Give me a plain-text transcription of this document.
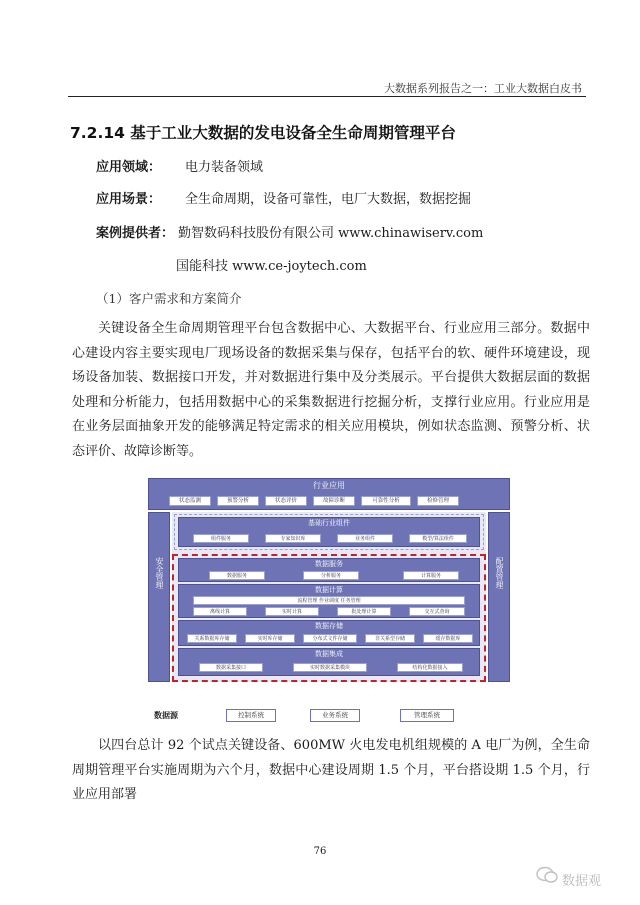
大数据系列报告之一：工业大数据白皮书
7.2.14 基于工业大数据的发电设备全生命周期管理平台
应用领域： 电力装备领域
应用场景： 全生命周期，设备可靠性，电厂大数据，数据挖掘
案例提供者： 勤智数码科技股份有限公司 www.chinawiserv.com
国能科技 www.ce-joytech.com
（1）客户需求和方案简介
关键设备全生命周期管理平台包含数据中心、大数据平台、行业应用三部分。数据中心建设内容主要实现电厂现场设备的数据采集与保存，包括平台的软、硬件环境建设，现场设备加装、数据接口开发，并对数据进行集中及分类展示。平台提供大数据层面的数据处理和分析能力，包括用数据中心的采集数据进行挖掘分析，支撑行业应用。行业应用是在业务层面抽象开发的能够满足特定需求的相关应用模块，例如状态监测、预警分析、状态评价、故障诊断等。
行业应用
状态监测	预警分析	状态评价	故障诊断	可靠性分析	检修管理
安全管理	配置管理
基础行业组件
组件服务	专家知识库	业务组件	模型/算法组件
数据服务
数据服务	分析服务	计算服务
数据计算
流程管理 作业调度 任务管理
离线计算	实时计算	批处理计算	交互式查询
数据存储
关系数据库存储	实时库存储	分布式文件存储	非关系型存储	缓存数据库
数据集成
数据采集接口	实时数据采集模块	结构化数据接入
数据源	控制系统	业务系统	管理系统
以四台总计 92 个试点关键设备、600MW 火电发电机组规模的 A 电厂为例，全生命周期管理平台实施周期为六个月，数据中心建设周期 1.5 个月，平台搭设期 1.5 个月，行业应用部署
76
数据观
